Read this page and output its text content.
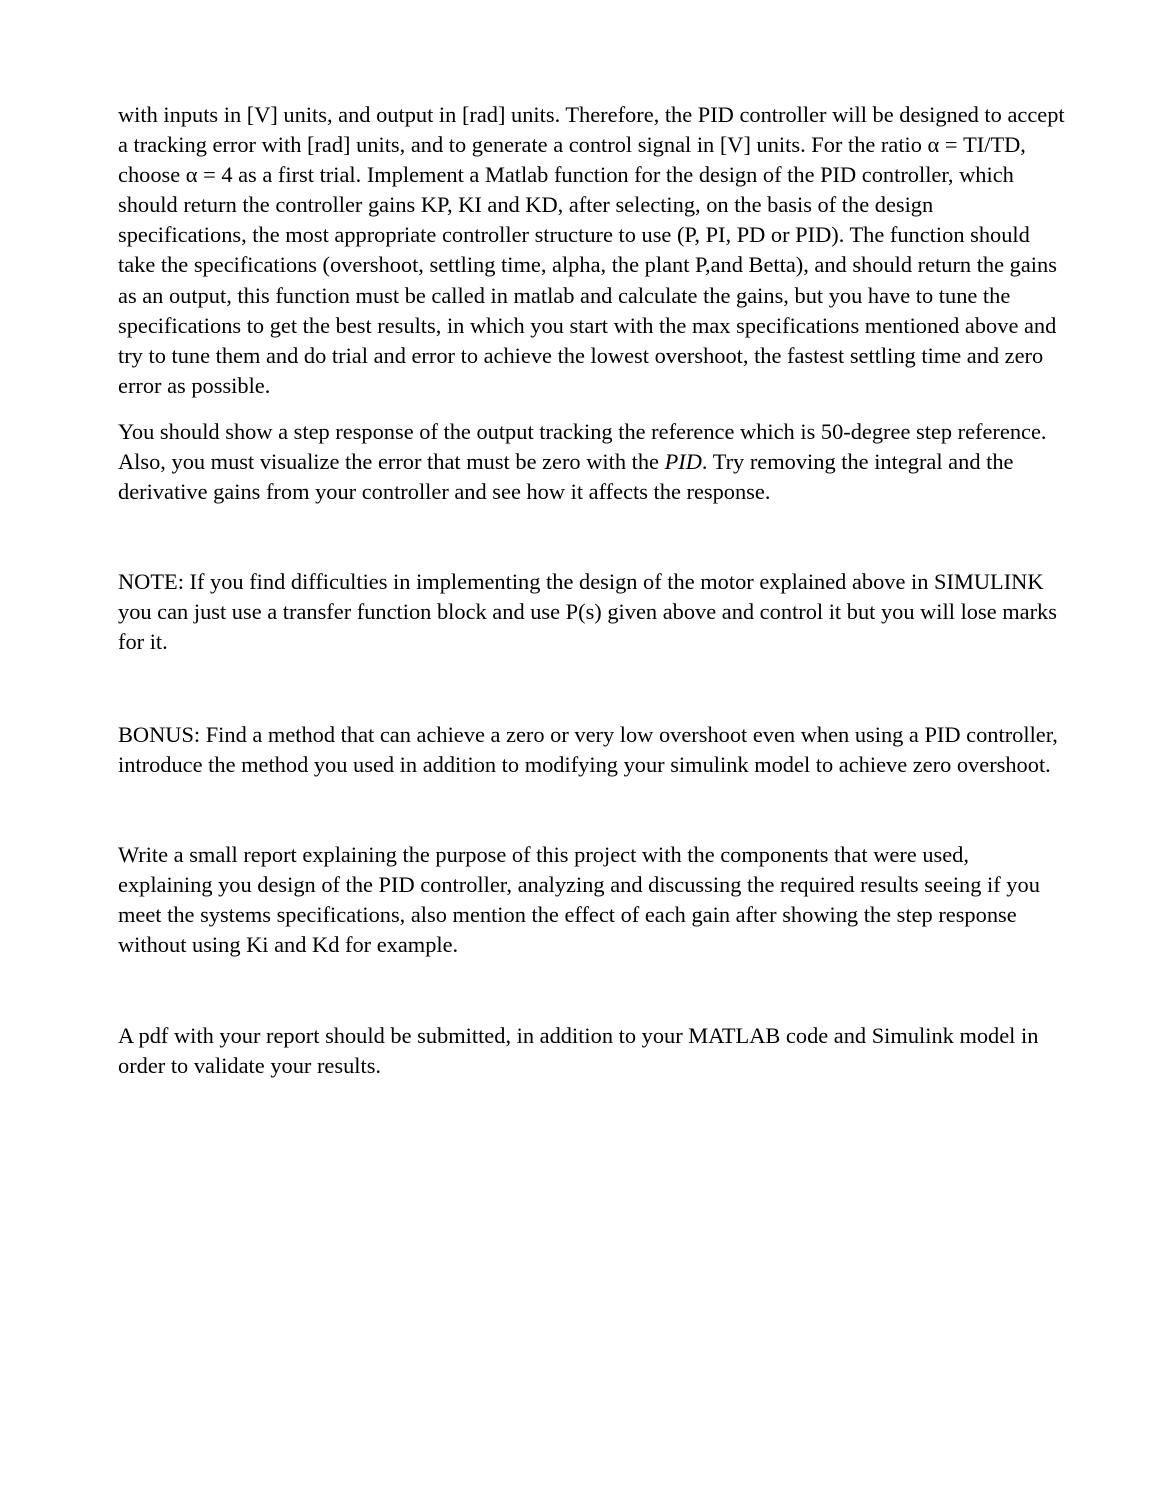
with inputs in [V] units, and output in [rad] units. Therefore, the PID controller will be designed to accept a tracking error with [rad] units, and to generate a control signal in [V] units. For the ratio α = TI/TD, choose α = 4 as a first trial. Implement a Matlab function for the design of the PID controller, which should return the controller gains KP, KI and KD, after selecting, on the basis of the design specifications, the most appropriate controller structure to use (P, PI, PD or PID). The function should take the specifications (overshoot, settling time, alpha, the plant P,and Betta), and should return the gains as an output, this function must be called in matlab and calculate the gains, but you have to tune the specifications to get the best results, in which you start with the max specifications mentioned above and try to tune them and do trial and error to achieve the lowest overshoot, the fastest settling time and zero error as possible.

You should show a step response of the output tracking the reference which is 50-degree step reference. Also, you must visualize the error that must be zero with the PID. Try removing the integral and the derivative gains from your controller and see how it affects the response.

NOTE: If you find difficulties in implementing the design of the motor explained above in SIMULINK you can just use a transfer function block and use P(s) given above and control it but you will lose marks for it.

BONUS: Find a method that can achieve a zero or very low overshoot even when using a PID controller, introduce the method you used in addition to modifying your simulink model to achieve zero overshoot.

Write a small report explaining the purpose of this project with the components that were used, explaining you design of the PID controller, analyzing and discussing the required results seeing if you meet the systems specifications, also mention the effect of each gain after showing the step response without using Ki and Kd for example.

A pdf with your report should be submitted, in addition to your MATLAB code and Simulink model in order to validate your results.
